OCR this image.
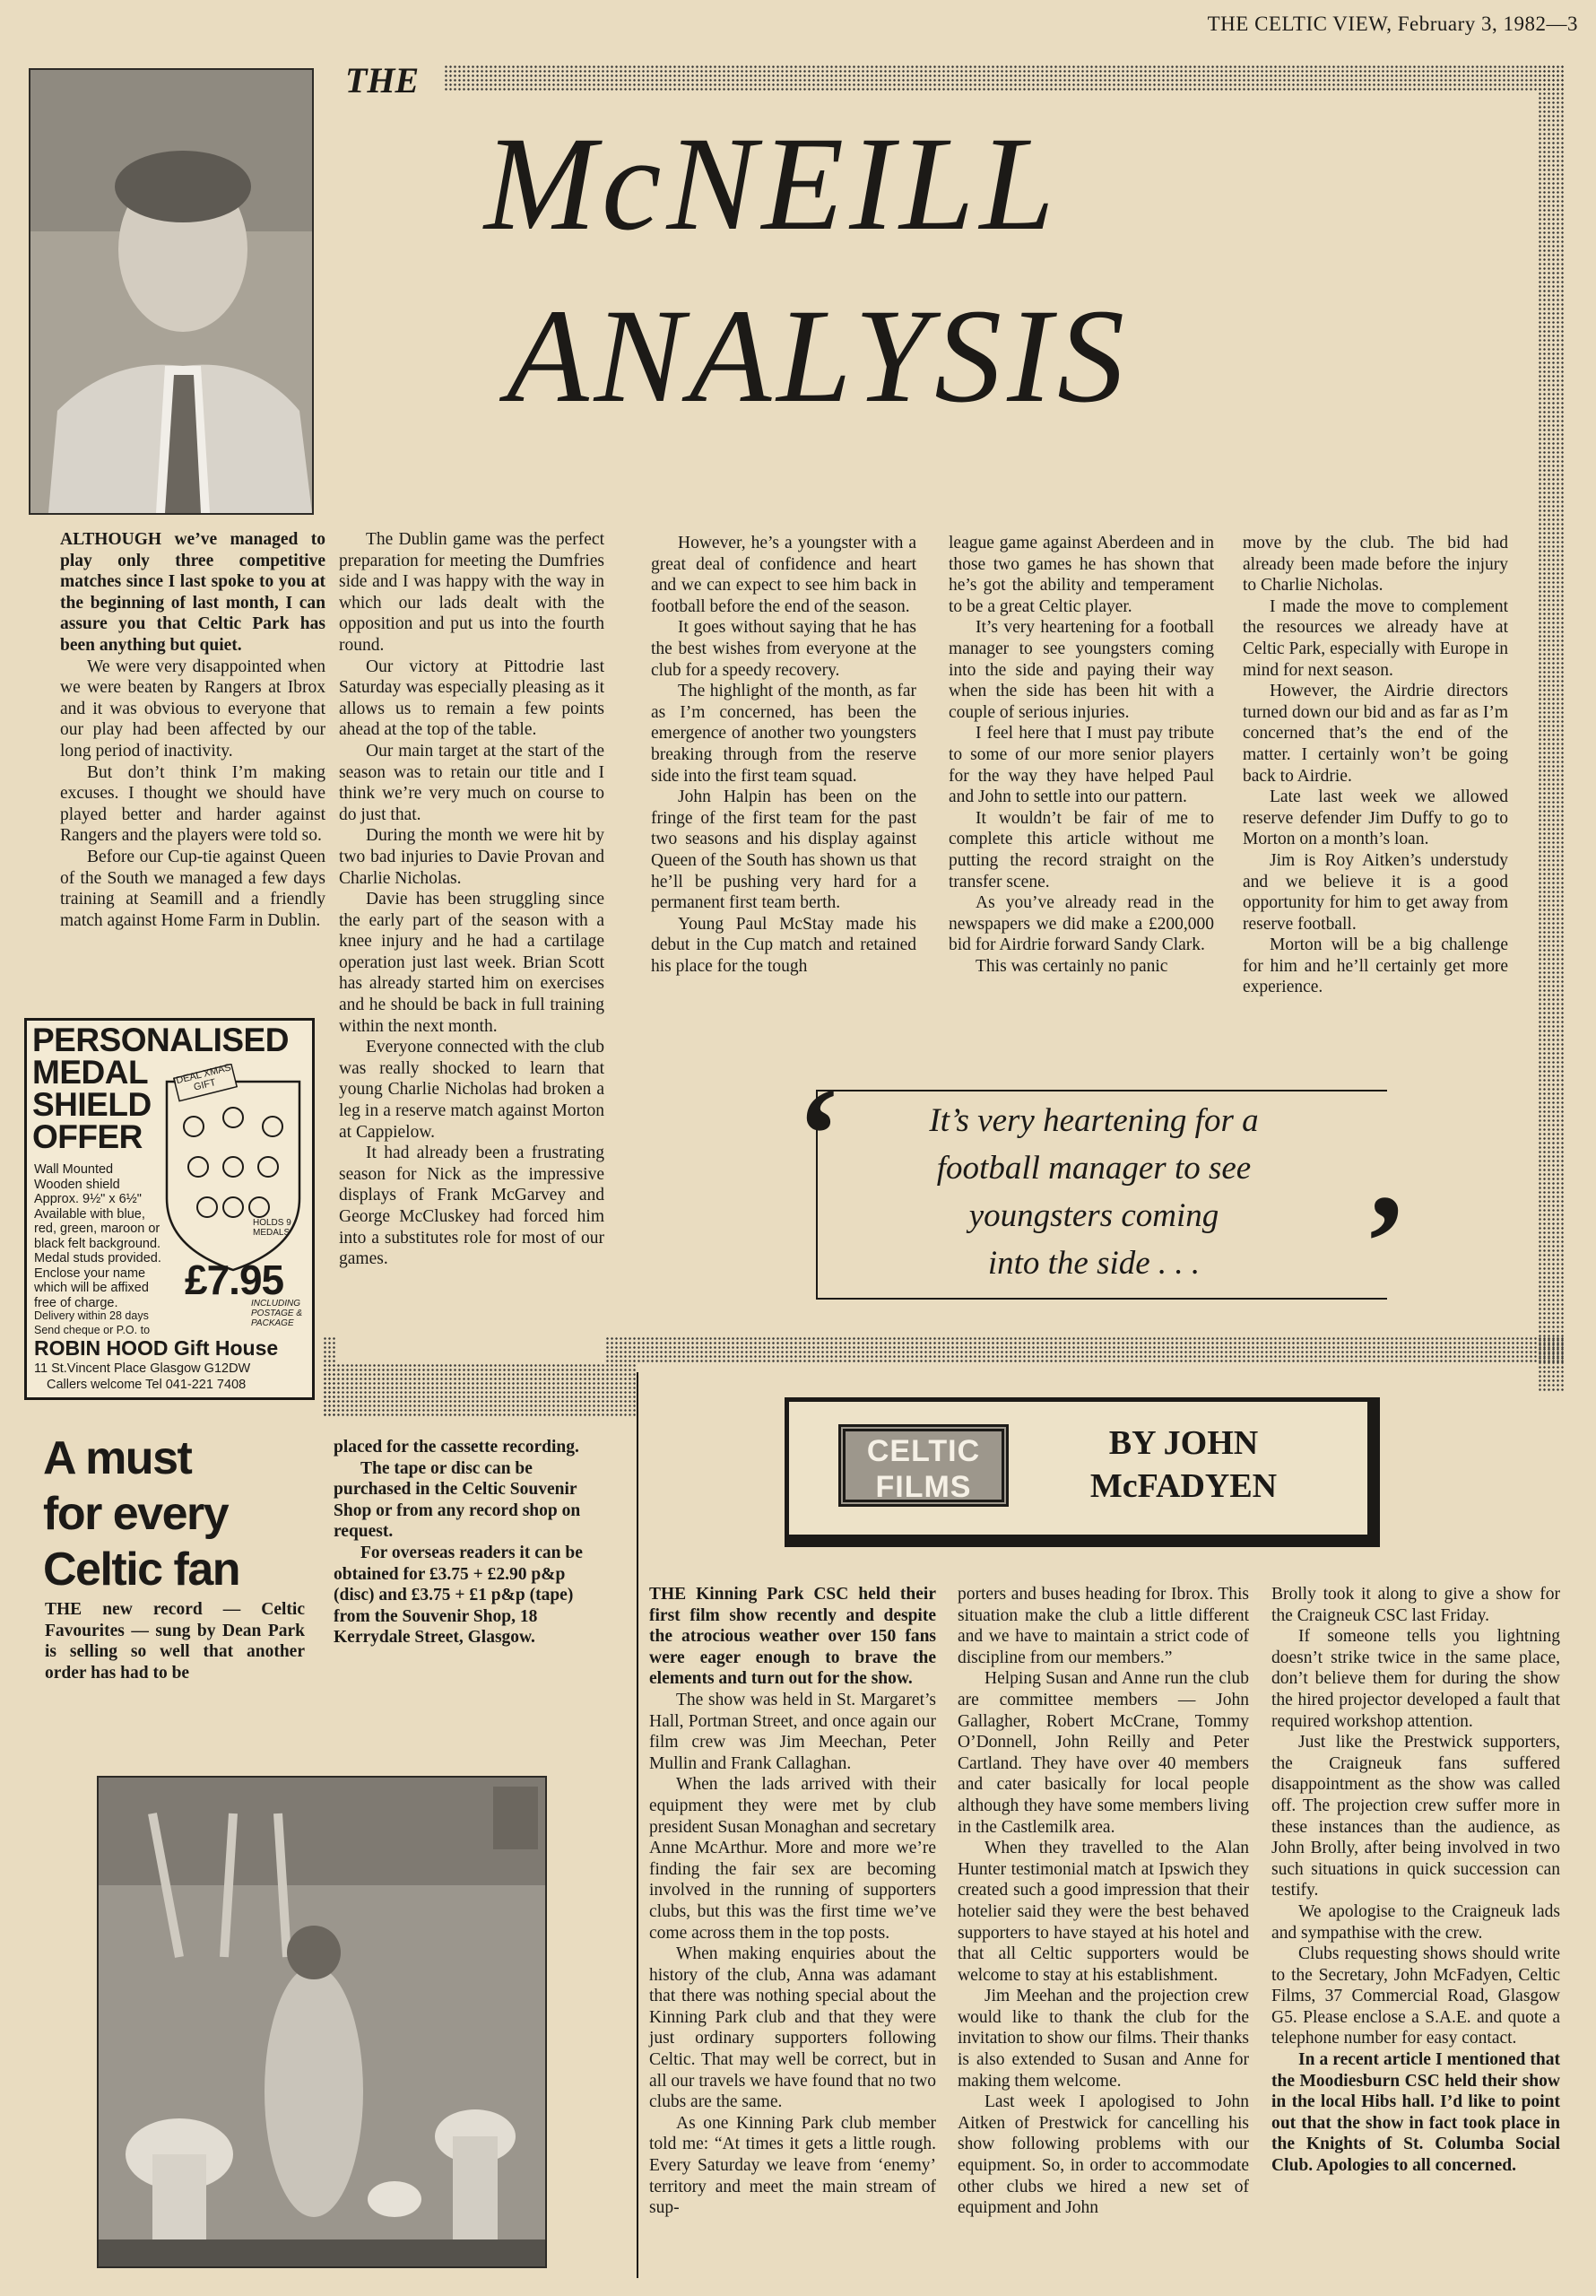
THE CELTIC VIEW, February 3, 1982—3
THE
McNEILL
ANALYSIS

ALTHOUGH we’ve managed to play only three competitive matches since I last spoke to you at the beginning of last month, I can assure you that Celtic Park has been anything but quiet.

We were very disappointed when we were beaten by Rangers at Ibrox and it was obvious to everyone that our play had been affected by our long period of inactivity.

But don’t think I’m making excuses. I thought we should have played better and harder against Rangers and the players were told so.

Before our Cup-tie against Queen of the South we managed a few days training at Seamill and a friendly match against Home Farm in Dublin.

The Dublin game was the perfect preparation for meeting the Dumfries side and I was happy with the way in which our lads dealt with the opposition and put us into the fourth round.

Our victory at Pittodrie last Saturday was especially pleasing as it allows us to remain a few points ahead at the top of the table.

Our main target at the start of the season was to retain our title and I think we’re very much on course to do just that.

During the month we were hit by two bad injuries to Davie Provan and Charlie Nicholas.

Davie has been struggling since the early part of the season with a knee injury and he had a cartilage operation just last week. Brian Scott has already started him on exercises and he should be back in full training within the next month.

Everyone connected with the club was really shocked to learn that young Charlie Nicholas had broken a leg in a reserve match against Morton at Cappielow.

It had already been a frustrating season for Nick as the impressive displays of Frank McGarvey and George McCluskey had forced him into a substitutes role for most of our games.

However, he’s a youngster with a great deal of confidence and heart and we can expect to see him back in football before the end of the season.

It goes without saying that he has the best wishes from everyone at the club for a speedy recovery.

The highlight of the month, as far as I’m concerned, has been the emergence of another two youngsters breaking through from the reserve side into the first team squad.

John Halpin has been on the fringe of the first team for the past two seasons and his display against Queen of the South has shown us that he’ll be pushing very hard for a permanent first team berth.

Young Paul McStay made his debut in the Cup match and retained his place for the tough

league game against Aberdeen and in those two games he has shown that he’s got the ability and temperament to be a great Celtic player.

It’s very heartening for a football manager to see youngsters coming into the side and paying their way when the side has been hit with a couple of serious injuries.

I feel here that I must pay tribute to some of our more senior players for the way they have helped Paul and John to settle into our pattern.

It wouldn’t be fair of me to complete this article without me putting the record straight on the transfer scene.

As you’ve already read in the newspapers we did make a £200,000 bid for Airdrie forward Sandy Clark.

This was certainly no panic

move by the club. The bid had already been made before the injury to Charlie Nicholas.

I made the move to complement the resources we already have at Celtic Park, especially with Europe in mind for next season.

However, the Airdrie directors turned down our bid and as far as I’m concerned that’s the end of the matter. I certainly won’t be going back to Airdrie.

Late last week we allowed reserve defender Jim Duffy to go to Morton on a month’s loan.

Jim is Roy Aitken’s understudy and we believe it is a good opportunity for him to get away from reserve football.

Morton will be a big challenge for him and he’ll certainly get more experience.

‘
’
It’s very heartening for a
football manager to see
youngsters coming
into the side . . .
PERSONALISED
MEDAL
SHIELD
OFFER
IDEAL XMAS GIFT
HOLDS 9 MEDALS
Wall Mounted
Wooden shield
Approx. 9½" x 6½"
Available with blue,
red, green, maroon or
black felt background.
Medal studs provided.
Enclose your name
which will be affixed
free of charge.	£7.95
INCLUDING POSTAGE & PACKAGE
Delivery within 28 days
Send cheque or P.O. to
ROBIN HOOD Gift House
11 St.Vincent Place Glasgow G12DW
Callers welcome Tel 041-221 7408
A must
for every
Celtic fan

THE new record — Celtic Favourites — sung by Dean Park is selling so well that another order has had to be

placed for the cassette recording.

The tape or disc can be purchased in the Celtic Souvenir Shop or from any record shop on request.

For overseas readers it can be obtained for £3.75 + £2.90 p&p (disc) and £3.75 + £1 p&p (tape) from the Souvenir Shop, 18 Kerrydale Street, Glasgow.

CELTIC
FILMS
BY JOHN
McFADYEN

THE Kinning Park CSC held their first film show recently and despite the atrocious weather over 150 fans were eager enough to brave the elements and turn out for the show.

The show was held in St. Margaret’s Hall, Portman Street, and once again our film crew was Jim Meechan, Peter Mullin and Frank Callaghan.

When the lads arrived with their equipment they were met by club president Susan Monaghan and secretary Anne McArthur. More and more we’re finding the fair sex are becoming involved in the running of supporters clubs, but this was the first time we’ve come across them in the top posts.

When making enquiries about the history of the club, Anna was adamant that there was nothing special about the Kinning Park club and that they were just ordinary supporters following Celtic. That may well be correct, but in all our travels we have found that no two clubs are the same.

As one Kinning Park club member told me: “At times it gets a little rough. Every Saturday we leave from ‘enemy’ territory and meet the main stream of sup-

porters and buses heading for Ibrox. This situation make the club a little different and we have to maintain a strict code of discipline from our members.”

Helping Susan and Anne run the club are committee members — John Gallagher, Robert McCrane, Tommy O’Donnell, John Reilly and Peter Cartland. They have over 40 members and cater basically for local people although they have some members living in the Castlemilk area.

When they travelled to the Alan Hunter testimonial match at Ipswich they created such a good impression that their hotelier said they were the best behaved supporters to have stayed at his hotel and that all Celtic supporters would be welcome to stay at his establishment.

Jim Meehan and the projection crew would like to thank the club for the invitation to show our films. Their thanks is also extended to Susan and Anne for making them welcome.

Last week I apologised to John Aitken of Prestwick for cancelling his show following problems with our equipment. So, in order to accommodate other clubs we hired a new set of equipment and John

Brolly took it along to give a show for the Craigneuk CSC last Friday.

If someone tells you lightning doesn’t strike twice in the same place, don’t believe them for during the show the hired projector developed a fault that required workshop attention.

Just like the Prestwick supporters, the Craigneuk fans suffered disappointment as the show was called off. The projection crew suffer more in these instances than the audience, as John Brolly, after being involved in two such situations in quick succession can testify.

We apologise to the Craigneuk lads and sympathise with the crew.

Clubs requesting shows should write to the Secretary, John McFadyen, Celtic Films, 37 Commercial Road, Glasgow G5. Please enclose a S.A.E. and quote a telephone number for easy contact.

In a recent article I mentioned that the Moodiesburn CSC held their show in the local Hibs hall. I’d like to point out that the show in fact took place in the Knights of St. Columba Social Club. Apologies to all concerned.
